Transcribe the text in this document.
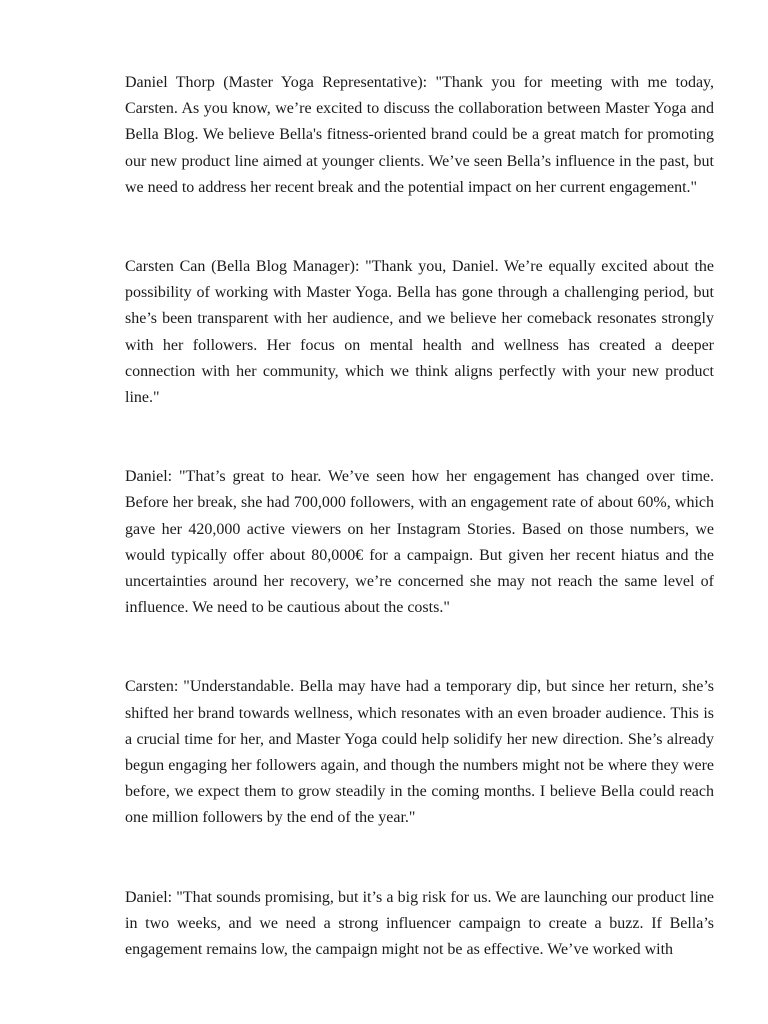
Daniel Thorp (Master Yoga Representative): "Thank you for meeting with me today, Carsten. As you know, we’re excited to discuss the collaboration between Master Yoga and Bella Blog. We believe Bella's fitness-oriented brand could be a great match for promoting our new product line aimed at younger clients. We’ve seen Bella’s influence in the past, but we need to address her recent break and the potential impact on her current engagement."

Carsten Can (Bella Blog Manager): "Thank you, Daniel. We’re equally excited about the possibility of working with Master Yoga. Bella has gone through a challenging period, but she’s been transparent with her audience, and we believe her comeback resonates strongly with her followers. Her focus on mental health and wellness has created a deeper connection with her community, which we think aligns perfectly with your new product line."

Daniel: "That’s great to hear. We’ve seen how her engagement has changed over time. Before her break, she had 700,000 followers, with an engagement rate of about 60%, which gave her 420,000 active viewers on her Instagram Stories. Based on those numbers, we would typically offer about 80,000€ for a campaign. But given her recent hiatus and the uncertainties around her recovery, we’re concerned she may not reach the same level of influence. We need to be cautious about the costs."

Carsten: "Understandable. Bella may have had a temporary dip, but since her return, she’s shifted her brand towards wellness, which resonates with an even broader audience. This is a crucial time for her, and Master Yoga could help solidify her new direction. She’s already begun engaging her followers again, and though the numbers might not be where they were before, we expect them to grow steadily in the coming months. I believe Bella could reach one million followers by the end of the year."

Daniel: "That sounds promising, but it’s a big risk for us. We are launching our product line in two weeks, and we need a strong influencer campaign to create a buzz. If Bella’s engagement remains low, the campaign might not be as effective. We’ve worked with
